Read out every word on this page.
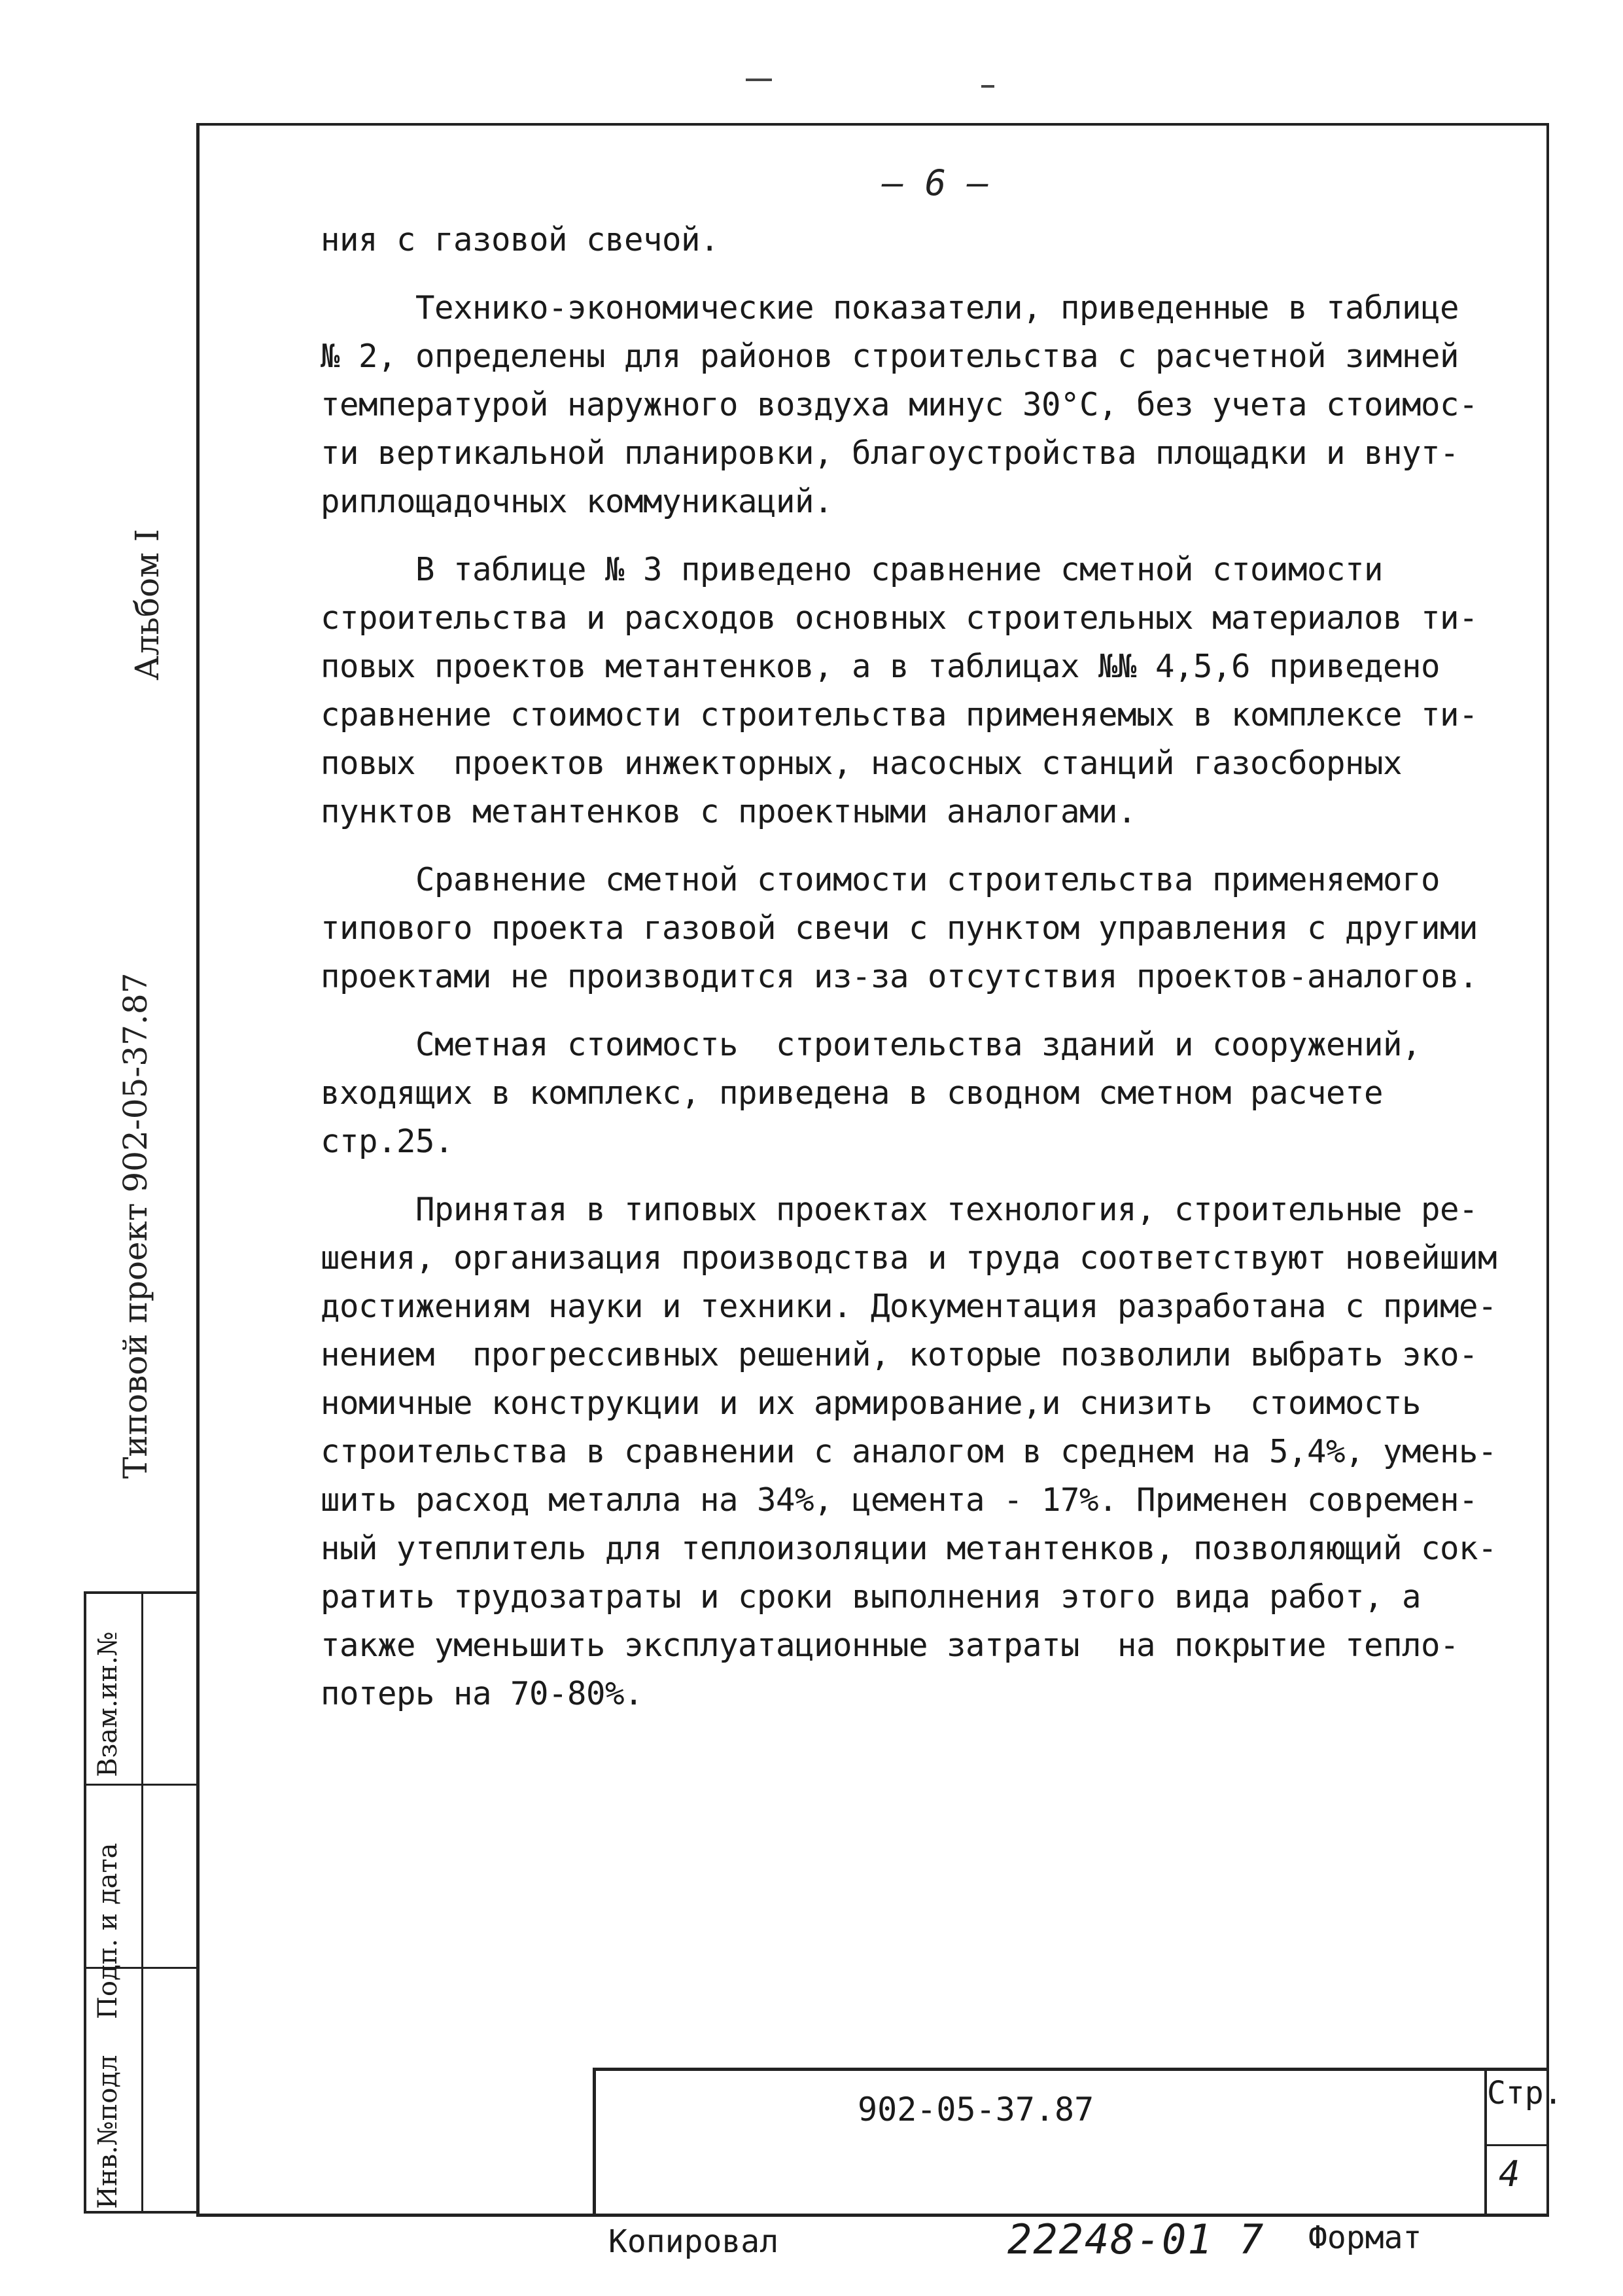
– 6 –
ния с газовой свечой.
Технико-экономические показатели, приведенные в таблице
№ 2, определены для районов строительства с расчетной зимней
температурой наружного воздуха минус 30°С, без учета стоимос-
ти вертикальной планировки, благоустройства площадки и внут-
риплощадочных коммуникаций.
В таблице № 3 приведено сравнение сметной стоимости
строительства и расходов основных строительных материалов ти-
повых проектов метантенков, а в таблицах №№ 4,5,6 приведено
сравнение стоимости строительства применяемых в комплексе ти-
повых  проектов инжекторных, насосных станций газосборных
пунктов метантенков с проектными аналогами.
Сравнение сметной стоимости строительства применяемого
типового проекта газовой свечи с пунктом управления с другими
проектами не производится из-за отсутствия проектов-аналогов.
Сметная стоимость  строительства зданий и сооружений,
входящих в комплекс, приведена в сводном сметном расчете
стр.25.
Принятая в типовых проектах технология, строительные ре-
шения, организация производства и труда соответствуют новейшим
достижениям науки и техники. Документация разработана с приме-
нением  прогрессивных решений, которые позволили выбрать эко-
номичные конструкции и их армирование,и снизить  стоимость
строительства в сравнении с аналогом в среднем на 5,4%, умень-
шить расход металла на 34%, цемента - 17%. Применен современ-
ный утеплитель для теплоизоляции метантенков, позволяющий сок-
ратить трудозатраты и сроки выполнения этого вида работ, а
также уменьшить эксплуатационные затраты  на покрытие тепло-
потерь на 70-80%.
Альбом I
Типовой проект 902-05-37.87
Инв.№подл
Подп. и дата
Взам.ин.№
902-05-37.87	Стр.
4
Копировал	22248-01 7 Формат
